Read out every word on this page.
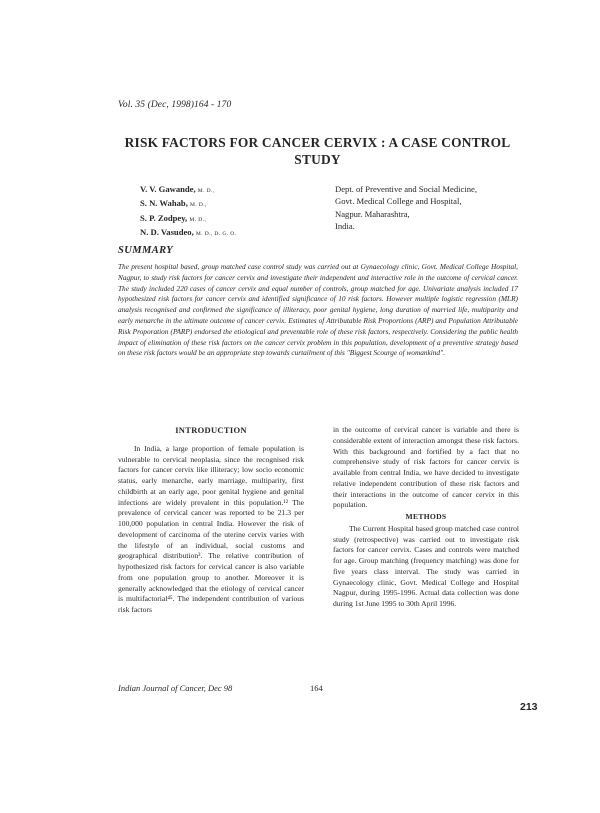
Vol. 35 (Dec, 1998)164 - 170
RISK FACTORS FOR CANCER CERVIX : A CASE CONTROL
STUDY
V. V. Gawande, M. D.,
S. N. Wahab, M. D.,
S. P. Zodpey, M. D.,
N. D. Vasudeo, M. D., D. G. O.
Dept. of Preventive and Social Medicine,
Govt. Medical College and Hospital,
Nagpur. Maharashtra,
India.
SUMMARY

The present hospital based, group matched case control study was carried out at Gynaecology clinic, Govt. Medical College Hospital, Nagpur, to study risk factors for cancer cervix and investigate their independent and interactive role in the outcome of cervical cancer. The study included 220 cases of cancer cervix and equal number of controls, group matched for age. Univariate analysis included 17 hypothesized risk factors for cancer cervix and identified significance of 10 risk factors. However multiple logistic regression (MLR) analysis recognised and confirmed the significance of illiteracy, poor genital hygiene, long duration of married life, multiparity and early menarche in the ultimate outcome of cancer cervix. Estimates of Attributable Risk Proportions (ARP) and Population Attributable Risk Proporation (PARP) endorsed the etiological and preventable role of these risk factors, respectively. Considering the public health impact of elimination of these risk factors on the cancer cervix problem in this population, development of a preventive strategy based on these risk factors would be an appropriate step towards curtailment of this "Biggest Scourge of womankind".

INTRODUCTION

In India, a large proportion of female population is vulnerable to cervical neoplasia, since the recognised risk factors for cancer cervix like illiteracy; low socio economic status, early menarche, early marriage, multiparity, first childbirth at an early age, poor genital hygiene and genital infections are widely prevalent in this population.¹² The prevalence of cervical cancer was reported to be 21.3 per 100,000 population in central India. However the risk of development of carcinoma of the uterine cervix varies with the lifestyle of an individual, social customs and geographical distribution³. The relative contribution of hypothesized risk factors for cervical cancer is also variable from one population group to another. Moreover it is generally acknowledged that the etiology of cervical cancer is multifactorial⁴⁵. The independent contribution of various risk factors

in the outcome of cervical cancer is variable and there is considerable extent of interaction amongst these risk factors. With this background and fortified by a fact that no comprehensive study of risk factors for cancer cervix is available from central India, we have decided to investigate relative independent contribution of these risk factors and their interactions in the outcome of cancer cervix in this population.

METHODS

The Current Hospital based group matched case control study (retrospective) was carried out to investigate risk factors for cancer cervix. Cases and controls were matched for age. Group matching (frequency matching) was done for five years class interval. The study was carried in Gynaecology clinic, Govt. Medical College and Hospital Nagpur, during 1995-1996. Actual data collection was done during 1st June 1995 to 30th April 1996.

Indian Journal of Cancer, Dec 98	164
213
